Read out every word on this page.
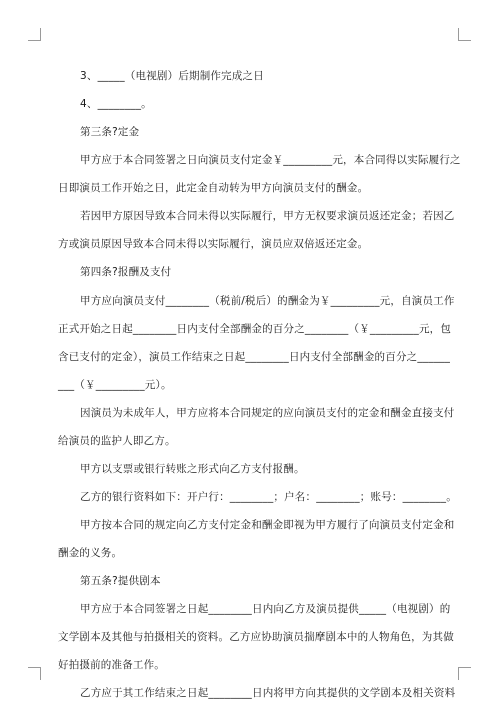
3、_____（电视剧）后期制作完成之日
4、________。
第三条?定金
甲方应于本合同签署之日向演员支付定金￥_________元，本合同得以实际履行之
日即演员工作开始之日，此定金自动转为甲方向演员支付的酬金。
若因甲方原因导致本合同未得以实际履行，甲方无权要求演员返还定金；若因乙
方或演员原因导致本合同未得以实际履行，演员应双倍返还定金。
第四条?报酬及支付
甲方应向演员支付________（税前/税后）的酬金为￥_________元，自演员工作
正式开始之日起________日内支付全部酬金的百分之________（￥_________元，包
含已支付的定金），演员工作结束之日起________日内支付全部酬金的百分之______
___（￥_________元）。
因演员为未成年人，甲方应将本合同规定的应向演员支付的定金和酬金直接支付
给演员的监护人即乙方。
甲方以支票或银行转账之形式向乙方支付报酬。
乙方的银行资料如下：开户行：________；户名：________；账号：________。
甲方按本合同的规定向乙方支付定金和酬金即视为甲方履行了向演员支付定金和
酬金的义务。
第五条?提供剧本
甲方应于本合同签署之日起________日内向乙方及演员提供_____（电视剧）的
文学剧本及其他与拍摄相关的资料。乙方应协助演员揣摩剧本中的人物角色，为其做
好拍摄前的准备工作。
乙方应于其工作结束之日起________日内将甲方向其提供的文学剧本及相关资料
